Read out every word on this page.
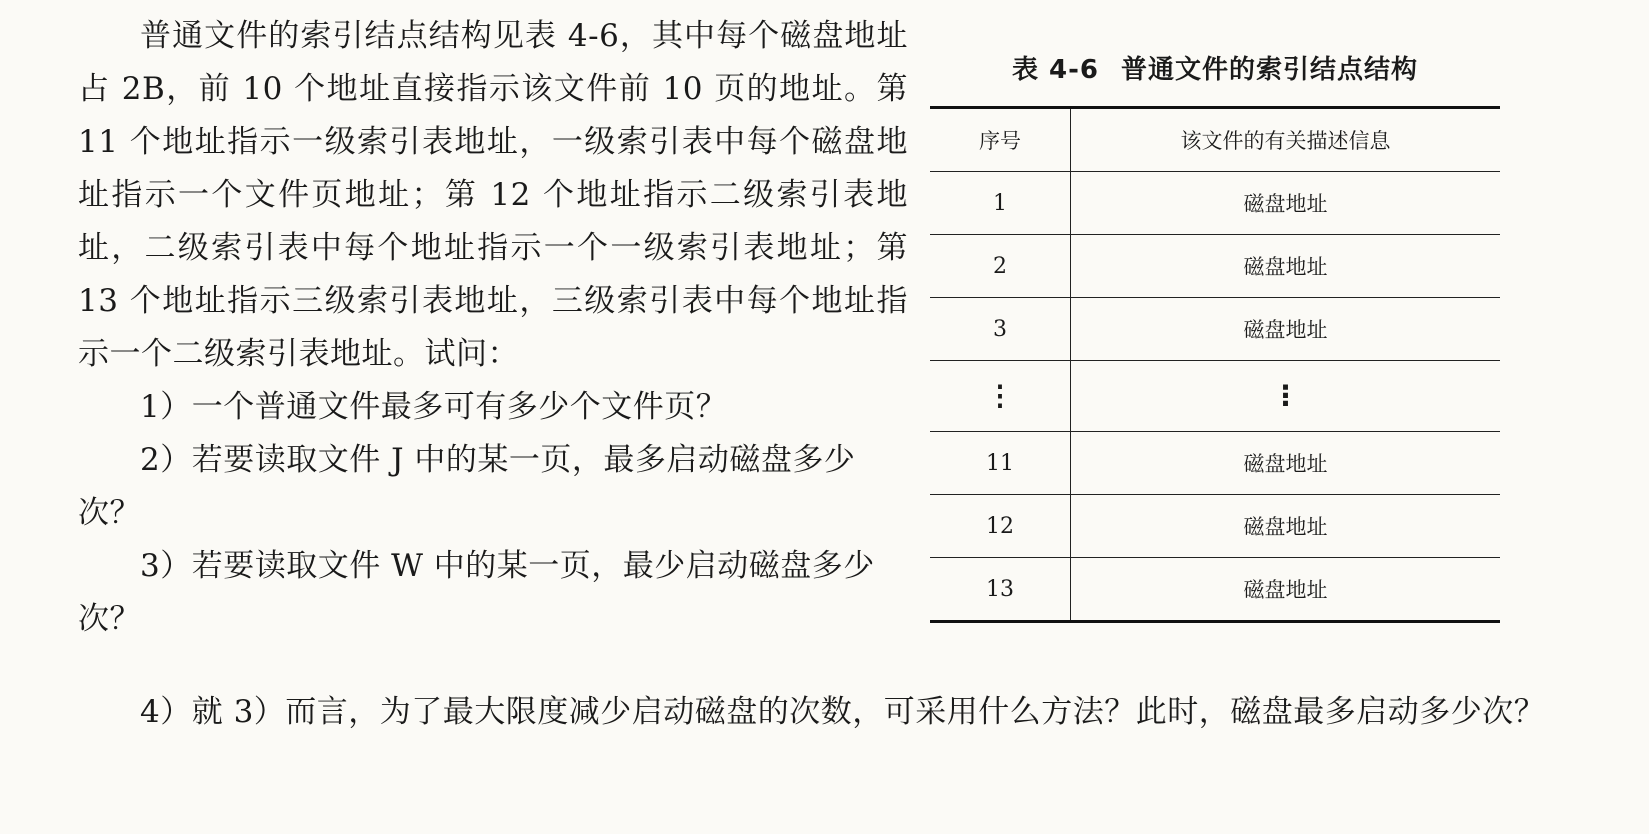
普通文件的索引结点结构见表 4-6，其中每个磁盘地址占 2B，前 10 个地址直接指示该文件前 10 页的地址。第 11 个地址指示一级索引表地址，一级索引表中每个磁盘地址指示一个文件页地址；第 12 个地址指示二级索引表地址，二级索引表中每个地址指示一个一级索引表地址；第 13 个地址指示三级索引表地址，三级索引表中每个地址指示一个二级索引表地址。试问：

1）一个普通文件最多可有多少个文件页？

2）若要读取文件 J 中的某一页，最多启动磁盘多少次？

3）若要读取文件 W 中的某一页，最少启动磁盘多少次？

4）就 3）而言，为了最大限度减少启动磁盘的次数，可采用什么方法？此时，磁盘最多启动多少次？

表 4-6 普通文件的索引结点结构
序号	该文件的有关描述信息
1	磁盘地址
2	磁盘地址
3	磁盘地址
⋮	⋮
11	磁盘地址
12	磁盘地址
13	磁盘地址
